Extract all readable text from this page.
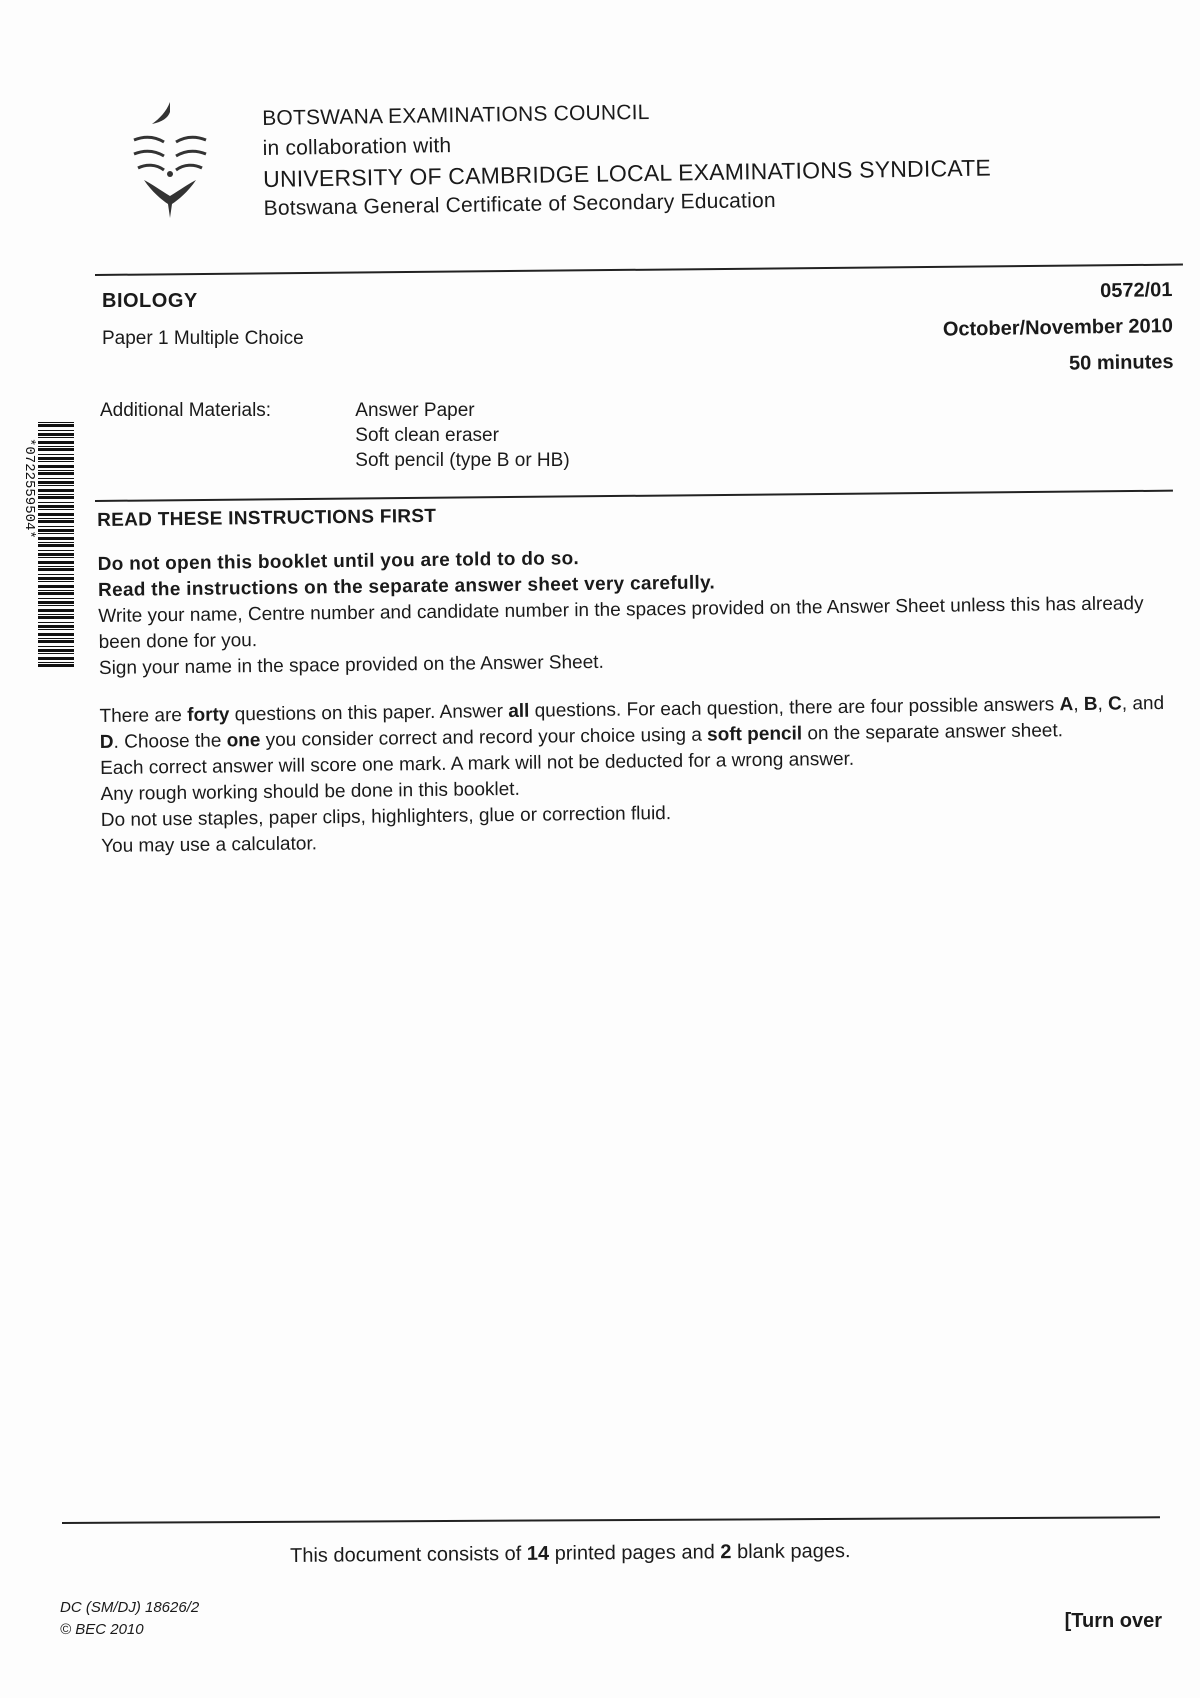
BOTSWANA EXAMINATIONS COUNCIL
in collaboration with
UNIVERSITY OF CAMBRIDGE LOCAL EXAMINATIONS SYNDICATE
Botswana General Certificate of Secondary Education
BIOLOGY
Paper 1 Multiple Choice
0572/01
October/November 2010
50 minutes
Additional Materials:	Answer Paper
Soft clean eraser
Soft pencil (type B or HB)
*0722559504*	READ THESE INSTRUCTIONS FIRST

Do not open this booklet until you are told to do so.

Read the instructions on the separate answer sheet very carefully.

Write your name, Centre number and candidate number in the spaces provided on the Answer Sheet unless this has already been done for you.

Sign your name in the space provided on the Answer Sheet.

There are forty questions on this paper. Answer all questions. For each question, there are four possible answers A, B, C, and D. Choose the one you consider correct and record your choice using a soft pencil on the separate answer sheet.

Each correct answer will score one mark. A mark will not be deducted for a wrong answer.

Any rough working should be done in this booklet.

Do not use staples, paper clips, highlighters, glue or correction fluid.

You may use a calculator.

This document consists of 14 printed pages and 2 blank pages.
DC (SM/DJ) 18626/2
© BEC 2010	[Turn over
